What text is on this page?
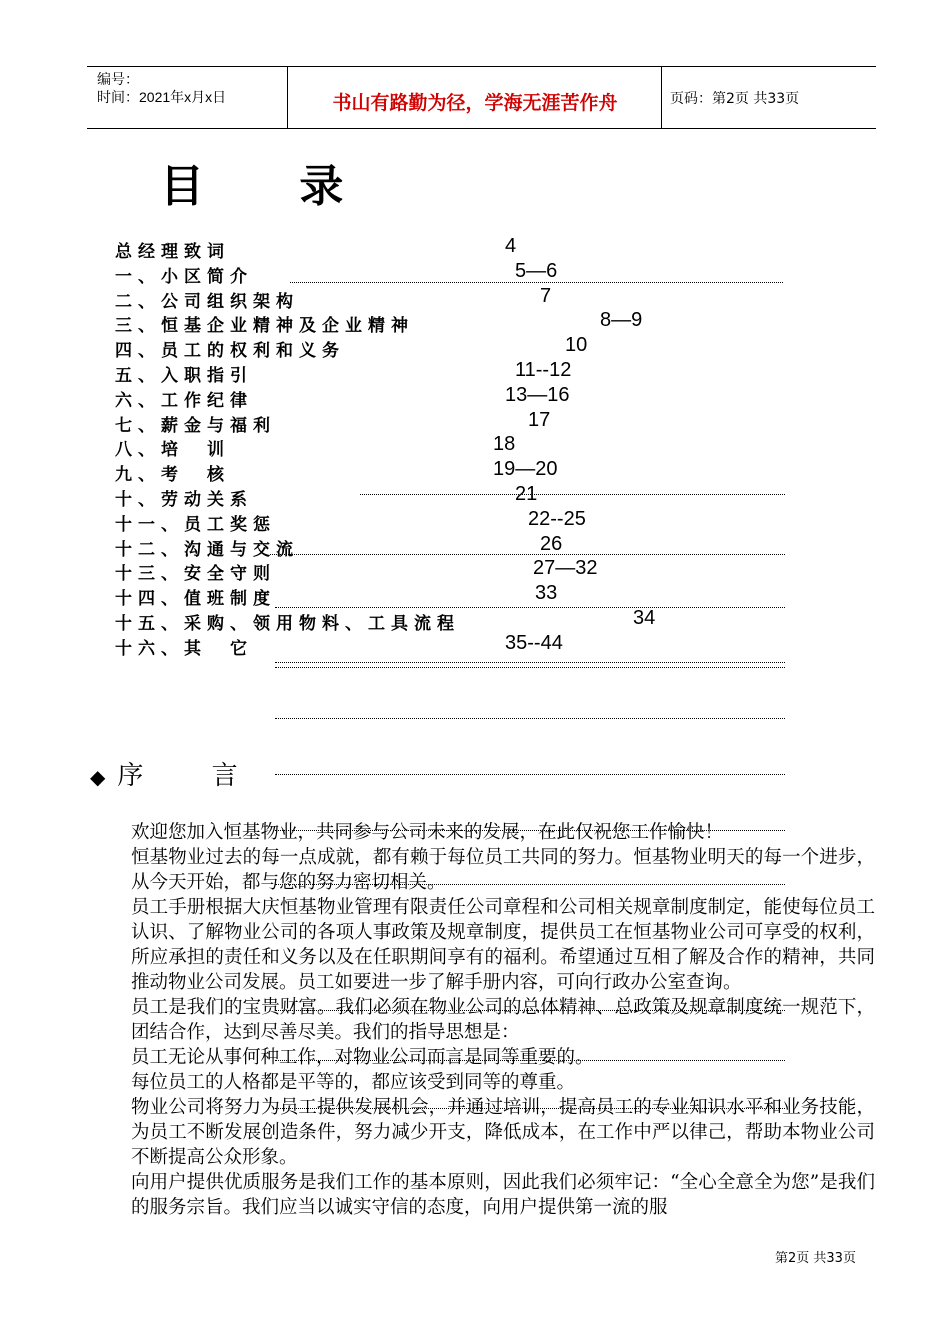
编号：
时间：2021年x月x日	书山有路勤为径，学海无涯苦作舟	页码：第2页 共33页
目 录
总经理致词	4
一、小区简介	5—6
二、公司组织架构	7
三、恒基企业精神及企业精神	8—9
四、员工的权利和义务	10
五、入职指引	11--12
六、工作纪律	13—16
七、薪金与福利	17
八、培　训	18
九、考　核	19—20
十、劳动关系	21
十一、员工奖惩	22--25
十二、沟通与交流	26
十三、安全守则	27—32
十四、值班制度	33
十五、采购、领用物料、工具流程	34
十六、其　它	35--44
◆ 序 言
欢迎您加入恒基物业，共同参与公司未来的发展，在此仅祝您工作愉快！
恒基物业过去的每一点成就，都有赖于每位员工共同的努力。恒基物业明天的每一个进步，从今天开始，都与您的努力密切相关。
员工手册根据大庆恒基物业管理有限责任公司章程和公司相关规章制度制定，能使每位员工认识、了解物业公司的各项人事政策及规章制度，提供员工在恒基物业公司可享受的权利，所应承担的责任和义务以及在任职期间享有的福利。希望通过互相了解及合作的精神，共同推动物业公司发展。员工如要进一步了解手册内容，可向行政办公室查询。
员工是我们的宝贵财富。我们必须在物业公司的总体精神、总政策及规章制度统一规范下，团结合作，达到尽善尽美。我们的指导思想是：
员工无论从事何种工作，对物业公司而言是同等重要的。
每位员工的人格都是平等的，都应该受到同等的尊重。
物业公司将努力为员工提供发展机会，并通过培训，提高员工的专业知识水平和业务技能，为员工不断发展创造条件，努力减少开支，降低成本，在工作中严以律己，帮助本物业公司不断提高公众形象。
向用户提供优质服务是我们工作的基本原则，因此我们必须牢记：“全心全意全为您”是我们的服务宗旨。我们应当以诚实守信的态度，向用户提供第一流的服
第2页 共33页
